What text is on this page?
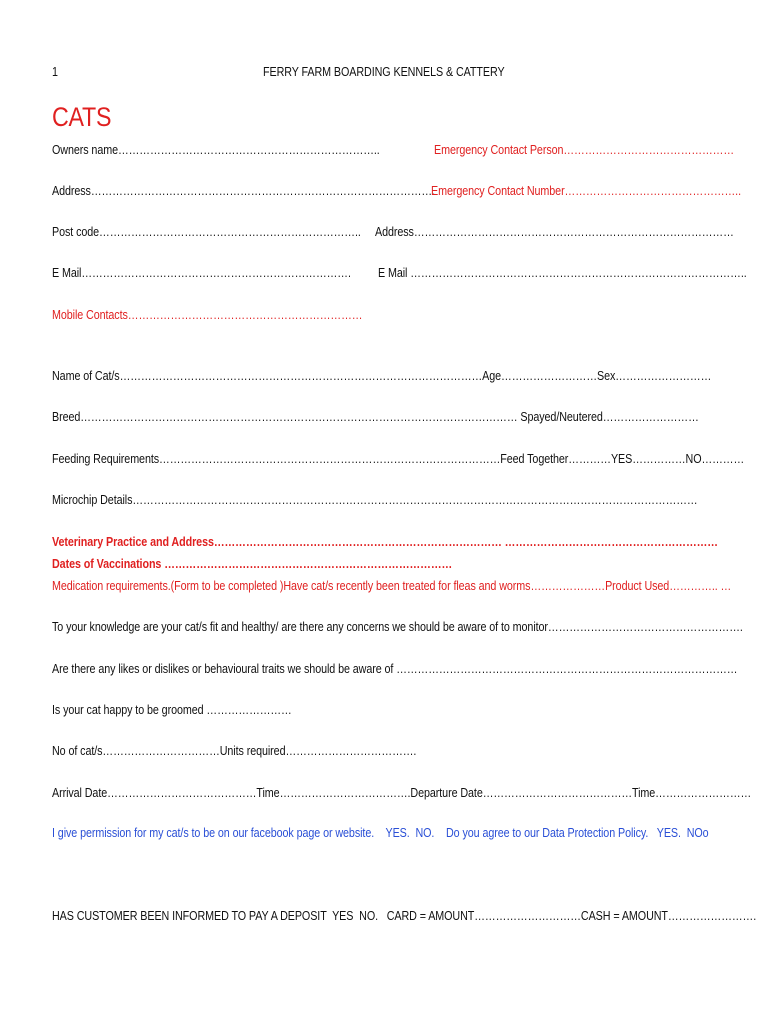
1	FERRY FARM BOARDING KENNELS & CATTERY
CATS
Owners name………………………………………………………………..
Address…………………………………………………………………………………….
Post code………………………………………………………………..
E Mail………………………………………………………………….
Mobile Contacts…………………………………………………………
Emergency Contact Person…………………………………………
Emergency Contact Number…………………………………………..
Address………………………………………………………………………………
E Mail …………………………………………………………………………………..
Name of Cat/s…………………………………………………………………………………………Age………………………Sex………………………
Breed…………………………………………………………………………………………………………… Spayed/Neutered………………………
Feeding Requirements……………………………………………………………………………………Feed Together…………YES……………NO…………
Microchip Details……………………………………………………………………………………………………………………………………………
Veterinary Practice and Address……………………………………………………………………… ……………………………………………………
Dates of Vaccinations ………………………………………………………………………
Medication requirements.(Form to be completed )Have cat/s recently been treated for fleas and worms…………………Product Used………….. …
To your knowledge are your cat/s fit and healthy/ are there any concerns we should be aware of to monitor……………………………………………….
Are there any likes or dislikes or behavioural traits we should be aware of ……………………………………………………………………………………
Is your cat happy to be groomed ……………………
No of cat/s……………………………Units required……………………………….
Arrival Date……………………………………Time……………………………….Departure Date……………………………………Time………………………
I give permission for my cat/s to be on our facebook page or website.    YES.  NO. Do you agree to our Data Protection Policy.   YES.  NOo
HAS CUSTOMER BEEN INFORMED TO PAY A DEPOSIT  YES  NO.   CARD = AMOUNT…………………………CASH = AMOUNT…………………….
